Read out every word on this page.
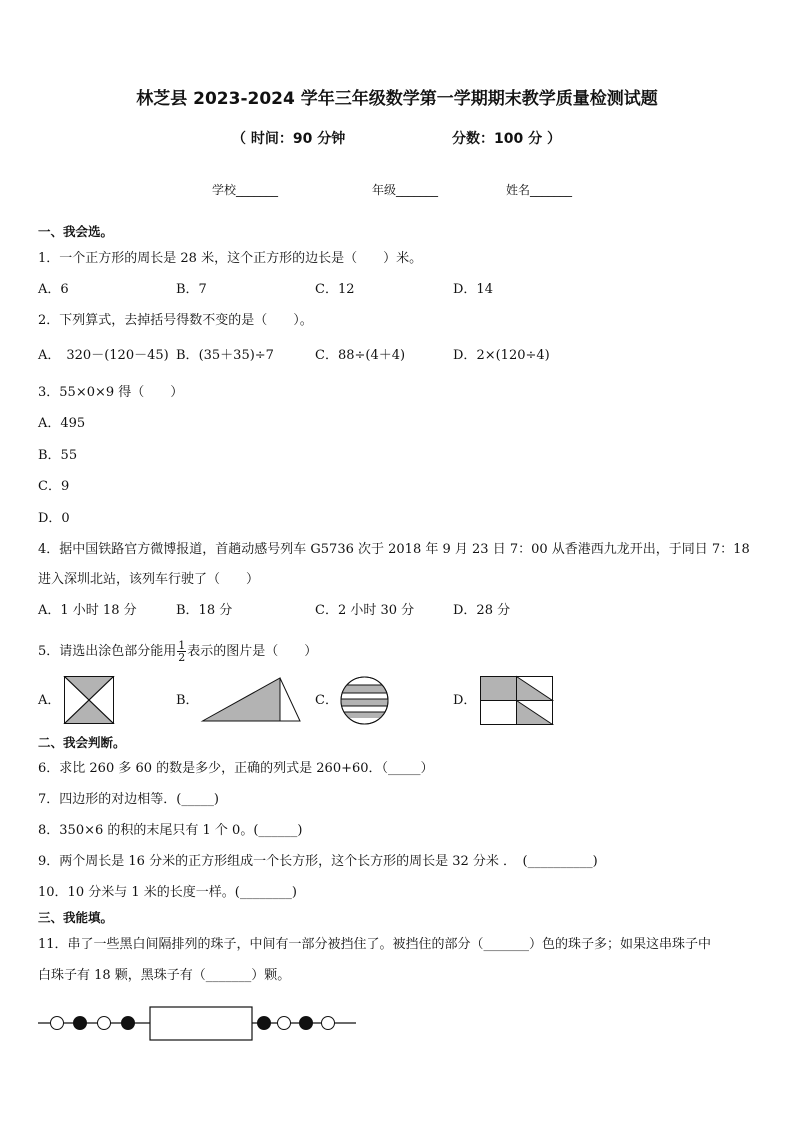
林芝县 2023-2024 学年三年级数学第一学期期末教学质量检测试题
（ 时间：90 分钟	分数：100 分 ）
学校_______	年级_______	姓名_______
一、我会选。
1．一个正方形的周长是 28 米，这个正方形的边长是（　　）米。
A．6	B．7	C．12	D．14
2．下列算式，去掉括号得数不变的是（　　）。
A． 320－(120－45) B．(35＋35)÷7	C．88÷(4＋4)	D．2×(120÷4)
3．55×0×9 得（　　）
A．495
B．55
C．9
D．0
4．据中国铁路官方微博报道，首趟动感号列车 G5736 次于 2018 年 9 月 23 日 7：00 从香港西九龙开出，于同日 7：18
进入深圳北站，该列车行驶了（　　）
A．1 小时 18 分	B．18 分	C．2 小时 30 分	D．28 分
5．请选出涂色部分能用 $\frac{1}{2}$ 表示的图片是（　　）
A．	B．	C．	D．
二、我会判断。
6．求比 260 多 60 的数是多少，正确的列式是 260+60．（_____）
7．四边形的对边相等．(_____)
8．350×6 的积的末尾只有 1 个 0。(______)
9．两个周长是 16 分米的正方形组成一个长方形，这个长方形的周长是 32 分米 ．　(__________)
10．10 分米与 1 米的长度一样。(________)
三、我能填。
11．串了一些黑白间隔排列的珠子，中间有一部分被挡住了。被挡住的部分（_______）色的珠子多；如果这串珠子中
白珠子有 18 颗，黑珠子有（_______）颗。
